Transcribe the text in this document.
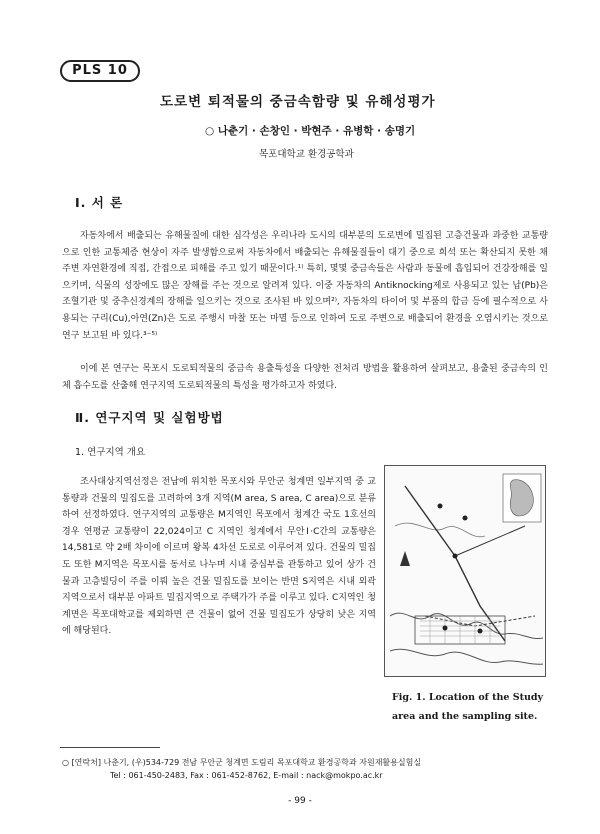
PLS 10
도로변 퇴적물의 중금속함량 및 유해성평가
○ 나춘기 · 손창인 · 박현주 · 유병학 · 송명기
목포대학교 환경공학과
Ⅰ. 서 론

자동차에서 배출되는 유해물질에 대한 심각성은 우리나라 도시의 대부분의 도로변에 밀집된 고층건물과 과중한 교통량으로 인한 교통체증 현상이 자주 발생함으로써 자동차에서 배출되는 유해물질들이 대기 중으로 희석 또는 확산되지 못한 채 주변 자연환경에 직접, 간접으로 피해를 주고 있기 때문이다.¹⁾ 특히, 몇몇 중금속들은 사람과 동물에 흡입되어 건강장해를 일으키며, 식물의 성장에도 많은 장해를 주는 것으로 알려져 있다. 이중 자동차의 Antiknocking제로 사용되고 있는 납(Pb)은 조혈기관 및 중추신경계의 장해를 일으키는 것으로 조사된 바 있으며²⁾, 자동차의 타이어 및 부품의 합금 등에 필수적으로 사용되는 구리(Cu),아연(Zn)은 도로 주행시 마찰 또는 마멸 등으로 인하여 도로 주변으로 배출되어 환경을 오염시키는 것으로 연구 보고된 바 있다.³⁻⁵⁾

이에 본 연구는 목포시 도로퇴적물의 중금속 용출특성을 다양한 전처리 방법을 활용하여 살펴보고, 용출된 중금속의 인체 흡수도를 산출해 연구지역 도로퇴적물의 특성을 평가하고자 하였다.

Ⅱ. 연구지역 및 실험방법
1. 연구지역 개요

조사대상지역선정은 전남에 위치한 목포시와 무안군 청계면 일부지역 중 교통량과 건물의 밀집도를 고려하여 3개 지역(M area, S area, C area)으로 분류하여 선정하였다. 연구지역의 교통량은 M지역인 목포에서 청계간 국도 1호선의 경우 연평균 교통량이 22,024이고 C 지역인 청계에서 무안Ⅰ·C간의 교통량은 14,581로 약 2배 차이에 이르며 왕복 4차선 도로로 이루어져 있다. 건물의 밀집도 또한 M지역은 목포시를 동서로 나누며 시내 중심부를 관통하고 있어 상가 건물과 고층빌딩이 주를 이뤄 높은 건물 밀집도를 보이는 반면 S지역은 시내 외곽 지역으로서 대부분 아파트 밀집지역으로 주택가가 주를 이루고 있다. C지역인 청계면은 목포대학교를 제외하면 큰 건물이 없어 건물 밀집도가 상당히 낮은 지역에 해당된다.

Fig. 1. Location of the Study area and the sampling site.
○ [연락처] 나춘기, (우)534-729 전남 무안군 청계면 도림리 목포대학교 환경공학과 자원재활용실험실
Tel : 061-450-2483, Fax : 061-452-8762, E-mail : nack@mokpo.ac.kr
- 99 -
